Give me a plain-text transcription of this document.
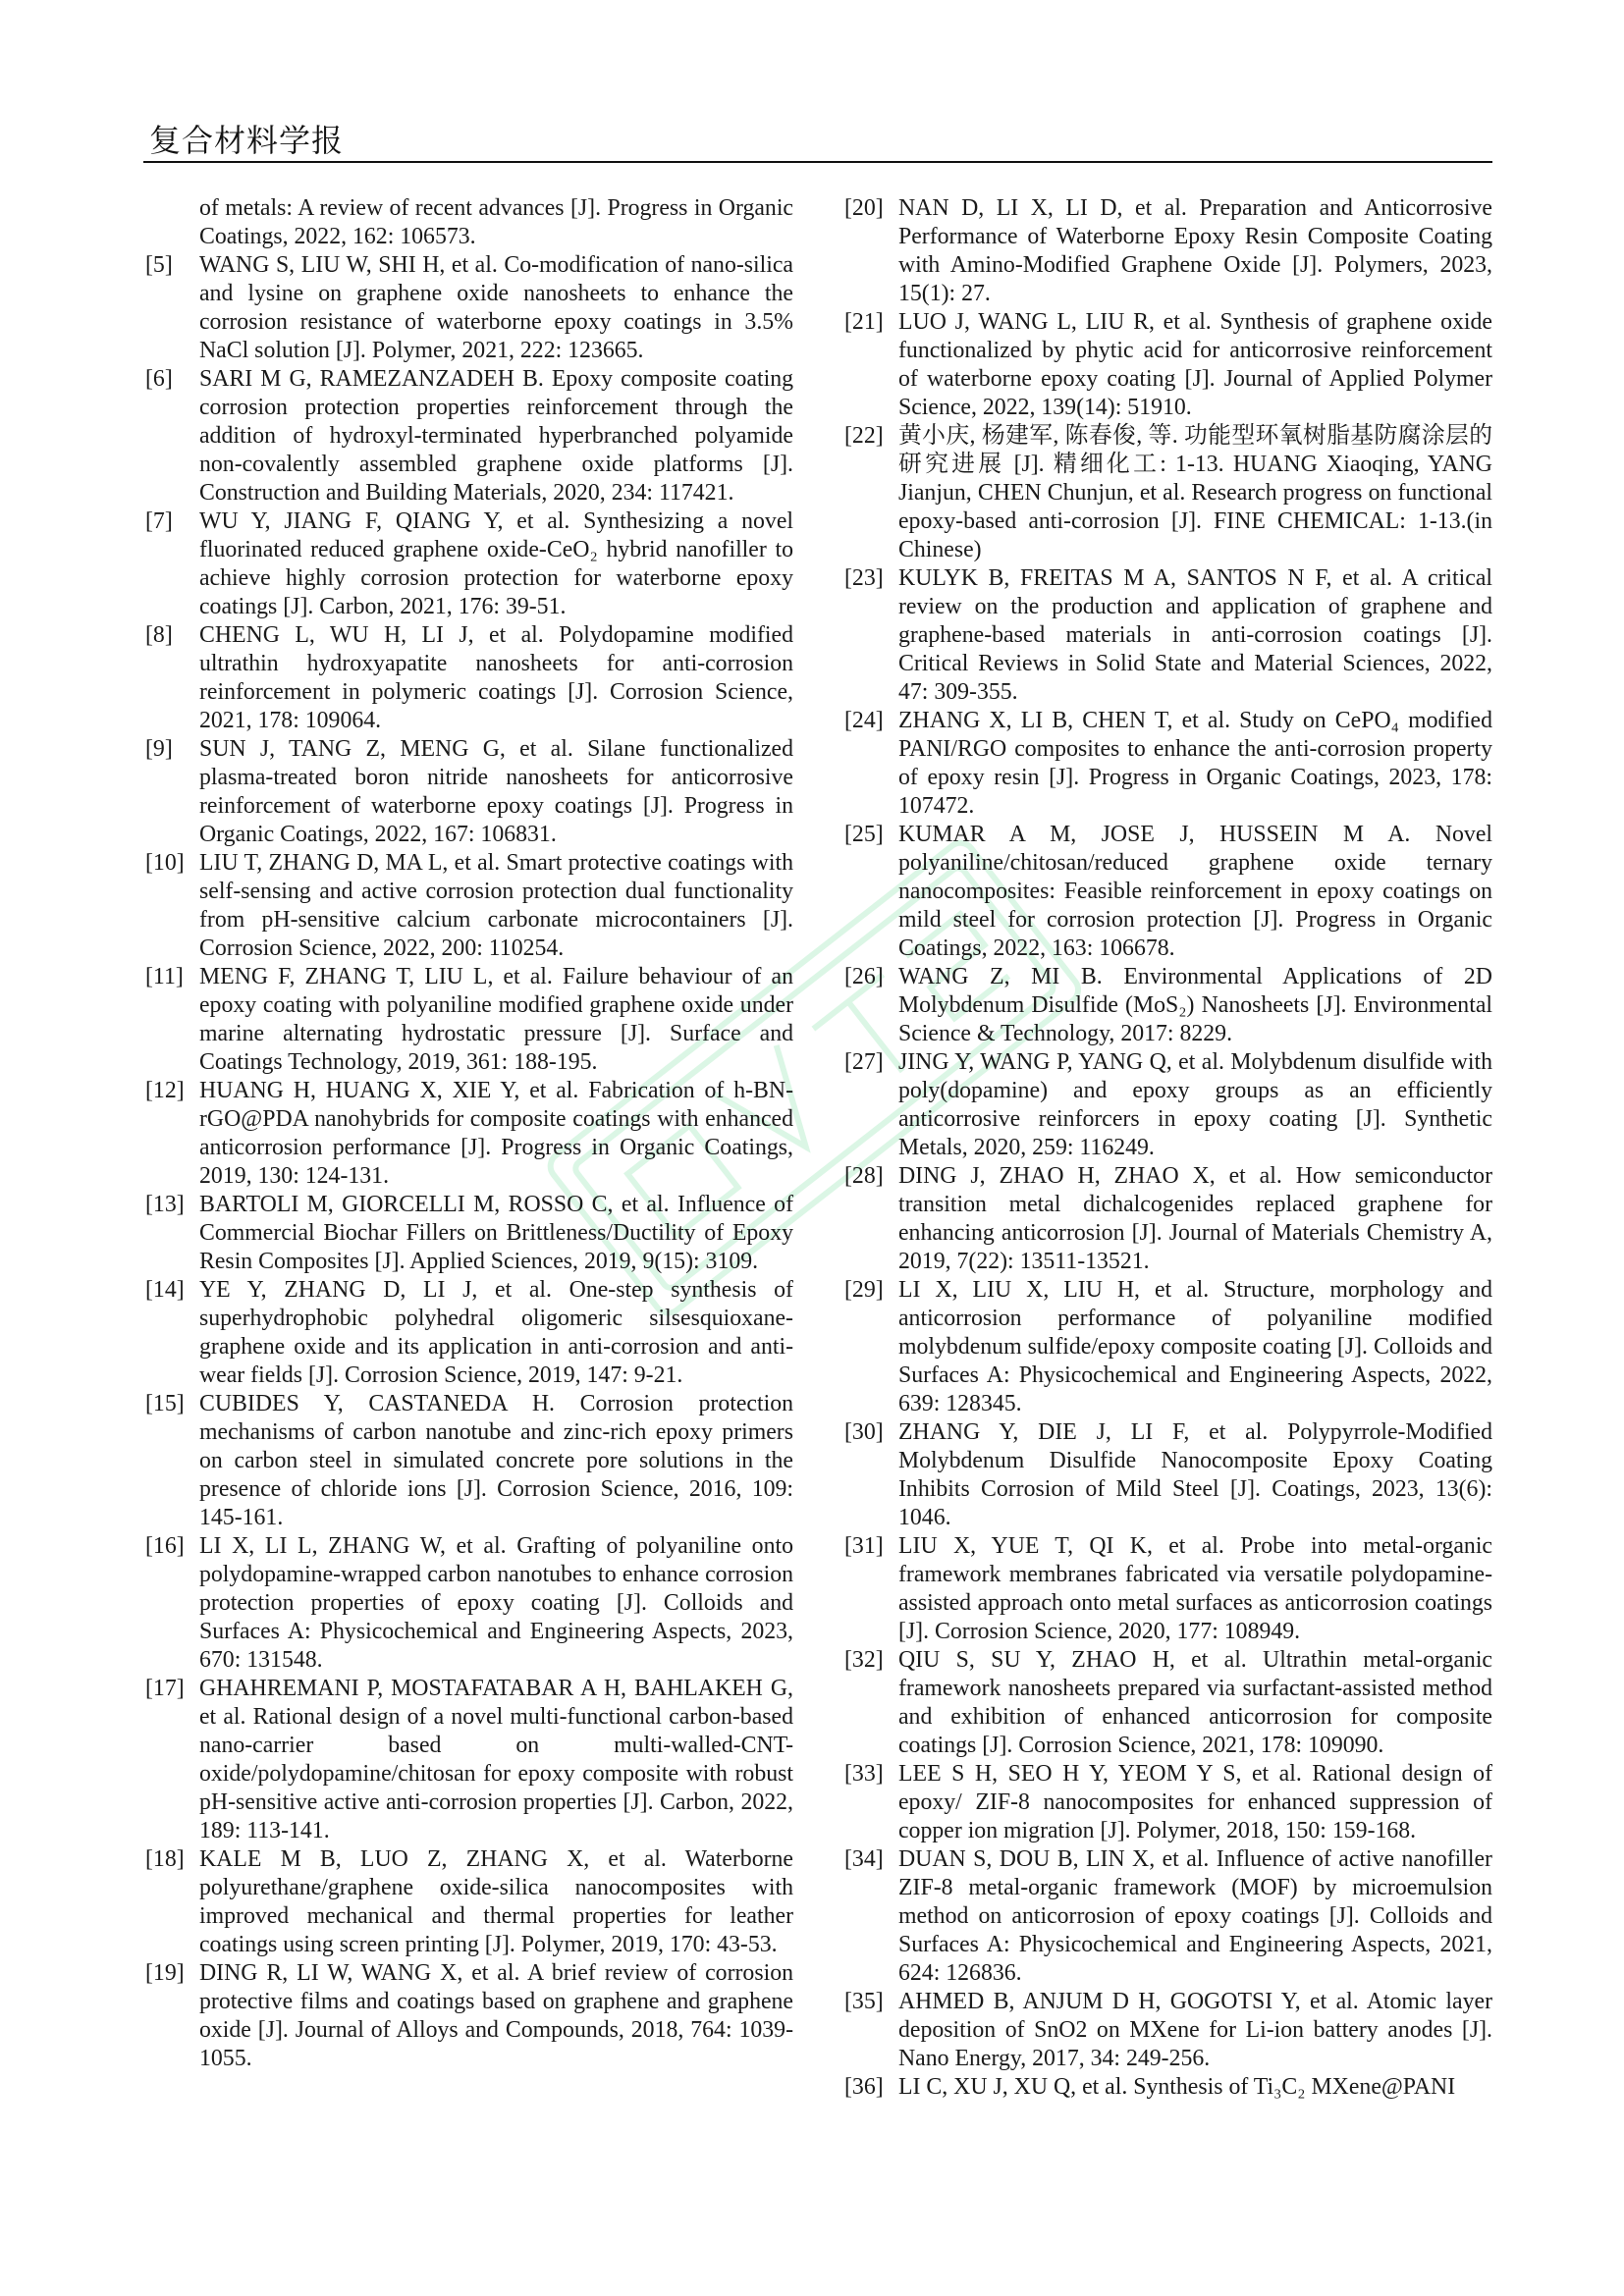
复合材料学报
of metals: A review of recent advances [J]. Progress in Organic Coatings, 2022, 162: 106573.
[5]	WANG S, LIU W, SHI H, et al. Co-modification of nano-silica and lysine on graphene oxide nanosheets to enhance the corrosion resistance of waterborne epoxy coatings in 3.5% NaCl solution [J]. Polymer, 2021, 222: 123665.
[6]	SARI M G, RAMEZANZADEH B. Epoxy composite coating corrosion protection properties reinforcement through the addition of hydroxyl-terminated hyperbranched polyamide non-covalently assembled graphene oxide platforms [J]. Construction and Building Materials, 2020, 234: 117421.
[7]	WU Y, JIANG F, QIANG Y, et al. Synthesizing a novel fluorinated reduced graphene oxide-CeO₂ hybrid nanofiller to achieve highly corrosion protection for waterborne epoxy coatings [J]. Carbon, 2021, 176: 39-51.
[8]	CHENG L, WU H, LI J, et al. Polydopamine modified ultrathin hydroxyapatite nanosheets for anti-corrosion reinforcement in polymeric coatings [J]. Corrosion Science, 2021, 178: 109064.
[9]	SUN J, TANG Z, MENG G, et al. Silane functionalized plasma-treated boron nitride nanosheets for anticorrosive reinforcement of waterborne epoxy coatings [J]. Progress in Organic Coatings, 2022, 167: 106831.
[10] LIU T, ZHANG D, MA L, et al. Smart protective coatings with self-sensing and active corrosion protection dual functionality from pH-sensitive calcium carbonate microcontainers [J]. Corrosion Science, 2022, 200: 110254.
[11] MENG F, ZHANG T, LIU L, et al. Failure behaviour of an epoxy coating with polyaniline modified graphene oxide under marine alternating hydrostatic pressure [J]. Surface and Coatings Technology, 2019, 361: 188-195.
[12] HUANG H, HUANG X, XIE Y, et al. Fabrication of h-BN-rGO@PDA nanohybrids for composite coatings with enhanced anticorrosion performance [J]. Progress in Organic Coatings, 2019, 130: 124-131.
[13] BARTOLI M, GIORCELLI M, ROSSO C, et al. Influence of Commercial Biochar Fillers on Brittleness/Ductility of Epoxy Resin Composites [J]. Applied Sciences, 2019, 9(15): 3109.
[14] YE Y, ZHANG D, LI J, et al. One-step synthesis of superhydrophobic polyhedral oligomeric silsesquioxane-graphene oxide and its application in anti-corrosion and anti-wear fields [J]. Corrosion Science, 2019, 147: 9-21.
[15] CUBIDES Y, CASTANEDA H. Corrosion protection mechanisms of carbon nanotube and zinc-rich epoxy primers on carbon steel in simulated concrete pore solutions in the presence of chloride ions [J]. Corrosion Science, 2016, 109: 145-161.
[16] LI X, LI L, ZHANG W, et al. Grafting of polyaniline onto polydopamine-wrapped carbon nanotubes to enhance corrosion protection properties of epoxy coating [J]. Colloids and Surfaces A: Physicochemical and Engineering Aspects, 2023, 670: 131548.
[17] GHAHREMANI P, MOSTAFATABAR A H, BAHLAKEH G, et al. Rational design of a novel multi-functional carbon-based nano-carrier based on multi-walled-CNT-oxide/polydopamine/chitosan for epoxy composite with robust pH-sensitive active anti-corrosion properties [J]. Carbon, 2022, 189: 113-141.
[18] KALE M B, LUO Z, ZHANG X, et al. Waterborne polyurethane/graphene oxide-silica nanocomposites with improved mechanical and thermal properties for leather coatings using screen printing [J]. Polymer, 2019, 170: 43-53.
[19] DING R, LI W, WANG X, et al. A brief review of corrosion protective films and coatings based on graphene and graphene oxide [J]. Journal of Alloys and Compounds, 2018, 764: 1039-1055.
[20] NAN D, LI X, LI D, et al. Preparation and Anticorrosive Performance of Waterborne Epoxy Resin Composite Coating with Amino-Modified Graphene Oxide [J]. Polymers, 2023, 15(1): 27.
[21] LUO J, WANG L, LIU R, et al. Synthesis of graphene oxide functionalized by phytic acid for anticorrosive reinforcement of waterborne epoxy coating [J]. Journal of Applied Polymer Science, 2022, 139(14): 51910.
[22] 黄小庆, 杨建军, 陈春俊, 等. 功能型环氧树脂基防腐涂层的研究进展 [J]. 精细化工: 1-13. HUANG Xiaoqing, YANG Jianjun, CHEN Chunjun, et al. Research progress on functional epoxy-based anti-corrosion [J]. FINE CHEMICAL: 1-13.(in Chinese)
[23] KULYK B, FREITAS M A, SANTOS N F, et al. A critical review on the production and application of graphene and graphene-based materials in anti-corrosion coatings [J]. Critical Reviews in Solid State and Material Sciences, 2022, 47: 309-355.
[24] ZHANG X, LI B, CHEN T, et al. Study on CePO₄ modified PANI/RGO composites to enhance the anti-corrosion property of epoxy resin [J]. Progress in Organic Coatings, 2023, 178: 107472.
[25] KUMAR A M, JOSE J, HUSSEIN M A. Novel polyaniline/chitosan/reduced graphene oxide ternary nanocomposites: Feasible reinforcement in epoxy coatings on mild steel for corrosion protection [J]. Progress in Organic Coatings, 2022, 163: 106678.
[26] WANG Z, MI B. Environmental Applications of 2D Molybdenum Disulfide (MoS₂) Nanosheets [J]. Environmental Science & Technology, 2017: 8229.
[27] JING Y, WANG P, YANG Q, et al. Molybdenum disulfide with poly(dopamine) and epoxy groups as an efficiently anticorrosive reinforcers in epoxy coating [J]. Synthetic Metals, 2020, 259: 116249.
[28] DING J, ZHAO H, ZHAO X, et al. How semiconductor transition metal dichalcogenides replaced graphene for enhancing anticorrosion [J]. Journal of Materials Chemistry A, 2019, 7(22): 13511-13521.
[29] LI X, LIU X, LIU H, et al. Structure, morphology and anticorrosion performance of polyaniline modified molybdenum sulfide/epoxy composite coating [J]. Colloids and Surfaces A: Physicochemical and Engineering Aspects, 2022, 639: 128345.
[30] ZHANG Y, DIE J, LI F, et al. Polypyrrole-Modified Molybdenum Disulfide Nanocomposite Epoxy Coating Inhibits Corrosion of Mild Steel [J]. Coatings, 2023, 13(6): 1046.
[31] LIU X, YUE T, QI K, et al. Probe into metal-organic framework membranes fabricated via versatile polydopamine-assisted approach onto metal surfaces as anticorrosion coatings [J]. Corrosion Science, 2020, 177: 108949.
[32] QIU S, SU Y, ZHAO H, et al. Ultrathin metal-organic framework nanosheets prepared via surfactant-assisted method and exhibition of enhanced anticorrosion for composite coatings [J]. Corrosion Science, 2021, 178: 109090.
[33] LEE S H, SEO H Y, YEOM Y S, et al. Rational design of epoxy/ ZIF-8 nanocomposites for enhanced suppression of copper ion migration [J]. Polymer, 2018, 150: 159-168.
[34] DUAN S, DOU B, LIN X, et al. Influence of active nanofiller ZIF-8 metal-organic framework (MOF) by microemulsion method on anticorrosion of epoxy coatings [J]. Colloids and Surfaces A: Physicochemical and Engineering Aspects, 2021, 624: 126836.
[35] AHMED B, ANJUM D H, GOGOTSI Y, et al. Atomic layer deposition of SnO2 on MXene for Li-ion battery anodes [J]. Nano Energy, 2017, 34: 249-256.
[36] LI C, XU J, XU Q, et al. Synthesis of Ti₃C₂ MXene@PANI
